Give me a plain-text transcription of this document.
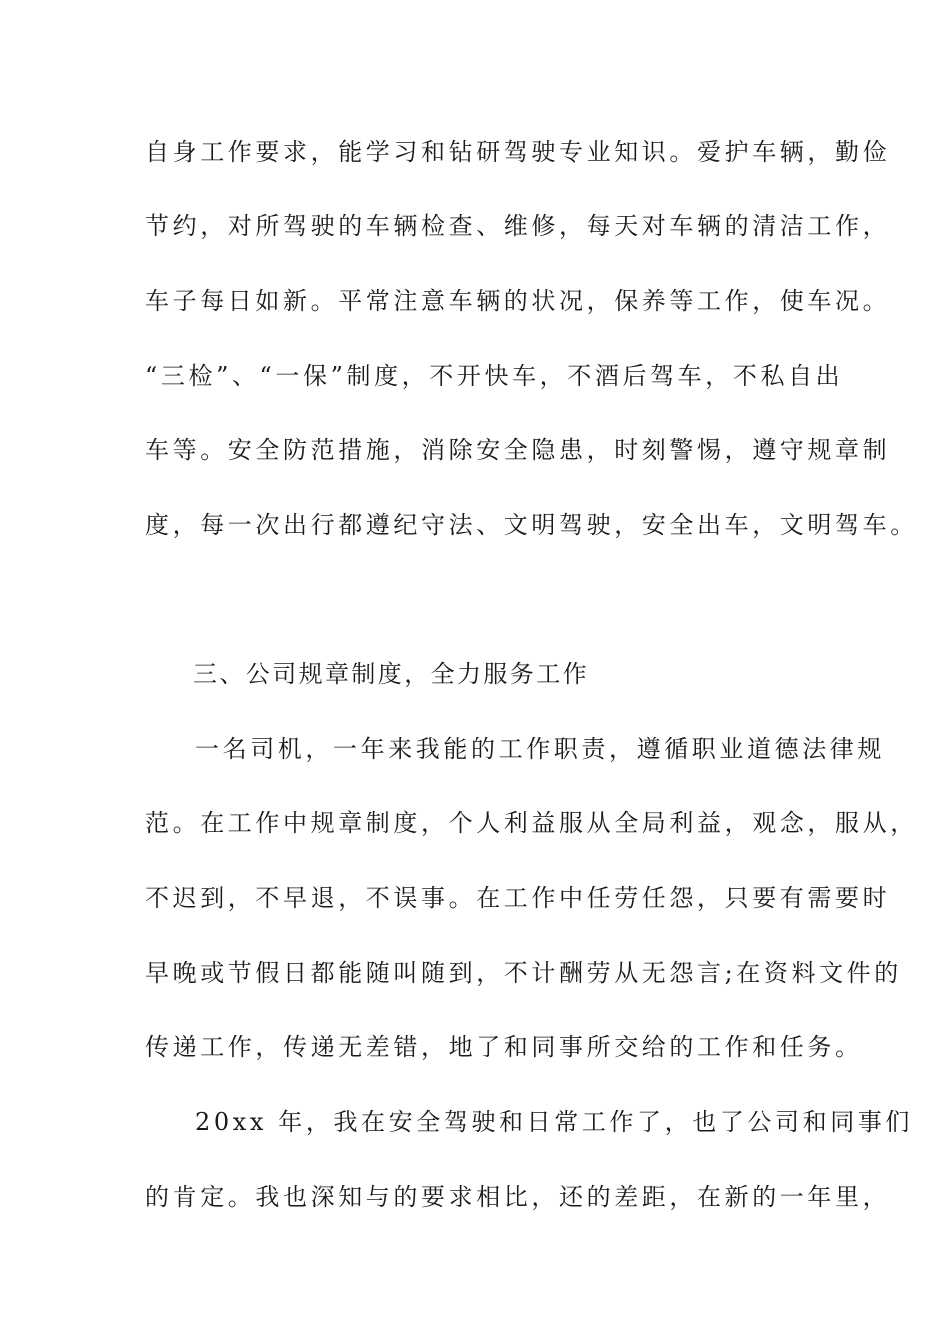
自身工作要求，能学习和钻研驾驶专业知识。爱护车辆，勤俭
节约，对所驾驶的车辆检查、维修，每天对车辆的清洁工作，
车子每日如新。平常注意车辆的状况，保养等工作，使车况。
“三检”、“一保”制度，不开快车，不酒后驾车，不私自出
车等。安全防范措施，消除安全隐患，时刻警惕，遵守规章制
度，每一次出行都遵纪守法、文明驾驶，安全出车，文明驾车。
三、公司规章制度，全力服务工作
一名司机，一年来我能的工作职责，遵循职业道德法律规
范。在工作中规章制度，个人利益服从全局利益，观念，服从，
不迟到，不早退，不误事。在工作中任劳任怨，只要有需要时
早晚或节假日都能随叫随到，不计酬劳从无怨言;在资料文件的
传递工作，传递无差错，地了和同事所交给的工作和任务。
20xx 年，我在安全驾驶和日常工作了，也了公司和同事们
的肯定。我也深知与的要求相比，还的差距，在新的一年里，
